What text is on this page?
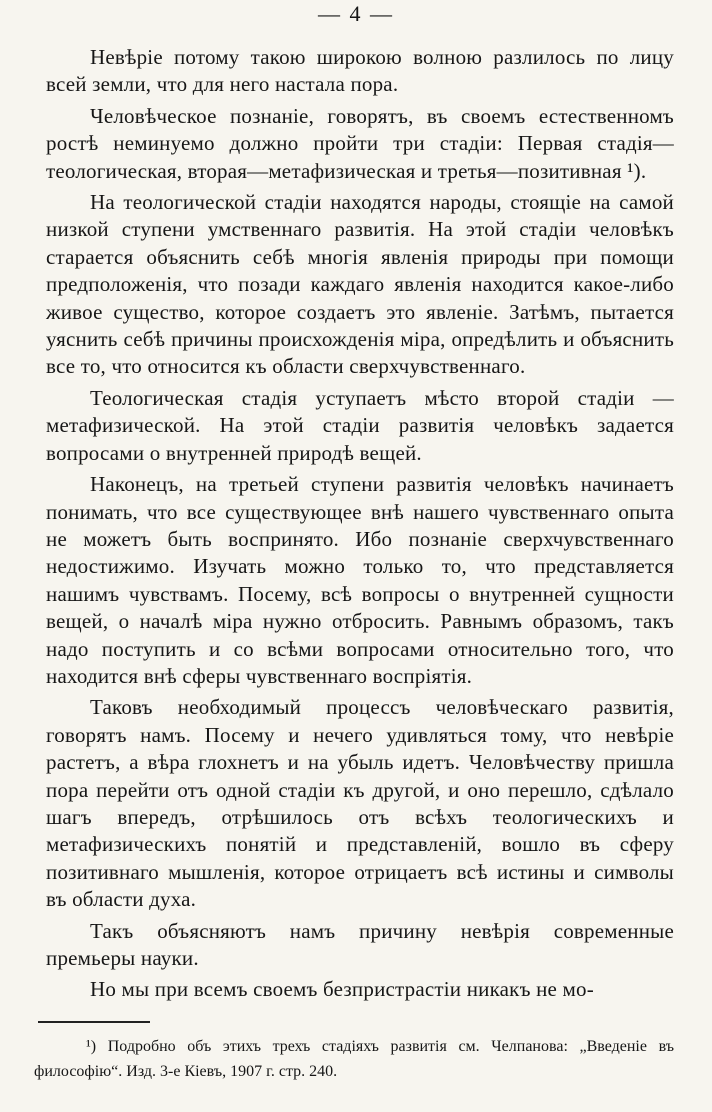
— 4 —

Невѣріе потому такою широкою волною разлилось по лицу всей земли, что для него настала пора.

Человѣческое познаніе, говорятъ, въ своемъ естественномъ ростѣ неминуемо должно пройти три стадіи: Первая стадія—теологическая, вторая—метафизическая и третья—позитивная ¹).

На теологической стадіи находятся народы, стоящіе на самой низкой ступени умственнаго развитія. На этой стадіи человѣкъ старается объяснить себѣ многія явленія природы при помощи предположенія, что позади каждаго явленія находится какое-либо живое существо, которое создаетъ это явленіе. Затѣмъ, пытается уяснить себѣ причины происхожденія міра, опредѣлить и объяснить все то, что относится къ области сверхчувственнаго.

Теологическая стадія уступаетъ мѣсто второй стадіи — метафизической. На этой стадіи развитія человѣкъ задается вопросами о внутренней природѣ вещей.

Наконецъ, на третьей ступени развитія человѣкъ начинаетъ понимать, что все существующее внѣ нашего чувственнаго опыта не можетъ быть воспринято. Ибо познаніе сверхчувственнаго недостижимо. Изучать можно только то, что представляется нашимъ чувствамъ. Посему, всѣ вопросы о внутренней сущности вещей, о началѣ міра нужно отбросить. Равнымъ образомъ, такъ надо поступить и со всѣми вопросами относительно того, что находится внѣ сферы чувственнаго воспріятія.

Таковъ необходимый процессъ человѣческаго развитія, говорятъ намъ. Посему и нечего удивляться тому, что невѣріе растетъ, а вѣра глохнетъ и на убыль идетъ. Человѣчеству пришла пора перейти отъ одной стадіи къ другой, и оно перешло, сдѣлало шагъ впередъ, отрѣшилось отъ всѣхъ теологическихъ и метафизическихъ понятій и представленій, вошло въ сферу позитивнаго мышленія, которое отрицаетъ всѣ истины и символы въ области духа.

Такъ объясняютъ намъ причину невѣрія современные премьеры науки.

Но мы при всемъ своемъ безпристрастіи никакъ не мо-

¹) Подробно объ этихъ трехъ стадіяхъ развитія см. Челпанова: „Введеніе въ философію“. Изд. 3-е Кіевъ, 1907 г. стр. 240.
